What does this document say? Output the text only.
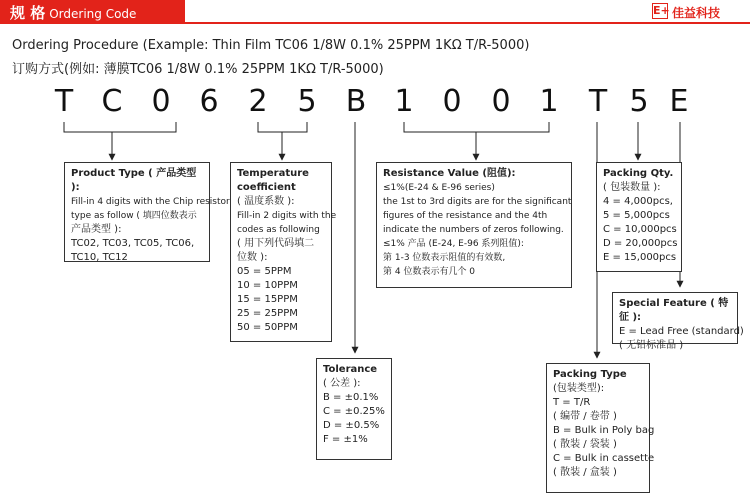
规 格 Ordering Code	E+ 佳益科技
Ordering Procedure (Example: Thin Film TC06 1/8W 0.1% 25PPM 1KΩ T/R-5000)
订购方式(例如: 薄膜TC06 1/8W 0.1% 25PPM 1KΩ T/R-5000)
T C 0 6 2 5 B 1 0 0 1 T 5 E
Product Type ( 产品类型 ):
Fill-in 4 digits with the Chip resistor
type as follow ( 填四位数表示
产品类型 ):
TC02, TC03, TC05, TC06,
TC10, TC12
Temperature coefficient
( 温度系数 ):
Fill-in 2 digits with the
codes as following
( 用下列代码填二
位数 ):
05 = 5PPM
10 = 10PPM
15 = 15PPM
25 = 25PPM
50 = 50PPM
Tolerance
( 公差 ):
B = ±0.1%
C = ±0.25%
D = ±0.5%
F = ±1%
Resistance Value (阻值):
≤1%(E-24 & E-96 series)
the 1st to 3rd digits are for the significant
figures of the resistance and the 4th
indicate the numbers of zeros following.
≤1% 产品 (E-24, E-96 系列阻值):
第 1-3 位数表示阻值的有效数,
第 4 位数表示有几个 0
Packing Qty.
( 包装数量 ):
4 = 4,000pcs,
5 = 5,000pcs
C = 10,000pcs
D = 20,000pcs
E = 15,000pcs
Special Feature ( 特征 ):
E = Lead Free (standard)
( 无铅标准品 )
Packing Type
(包装类型):
T = T/R
( 编带 / 卷带 )
B = Bulk in Poly bag
( 散装 / 袋装 )
C = Bulk in cassette
( 散装 / 盒装 )
